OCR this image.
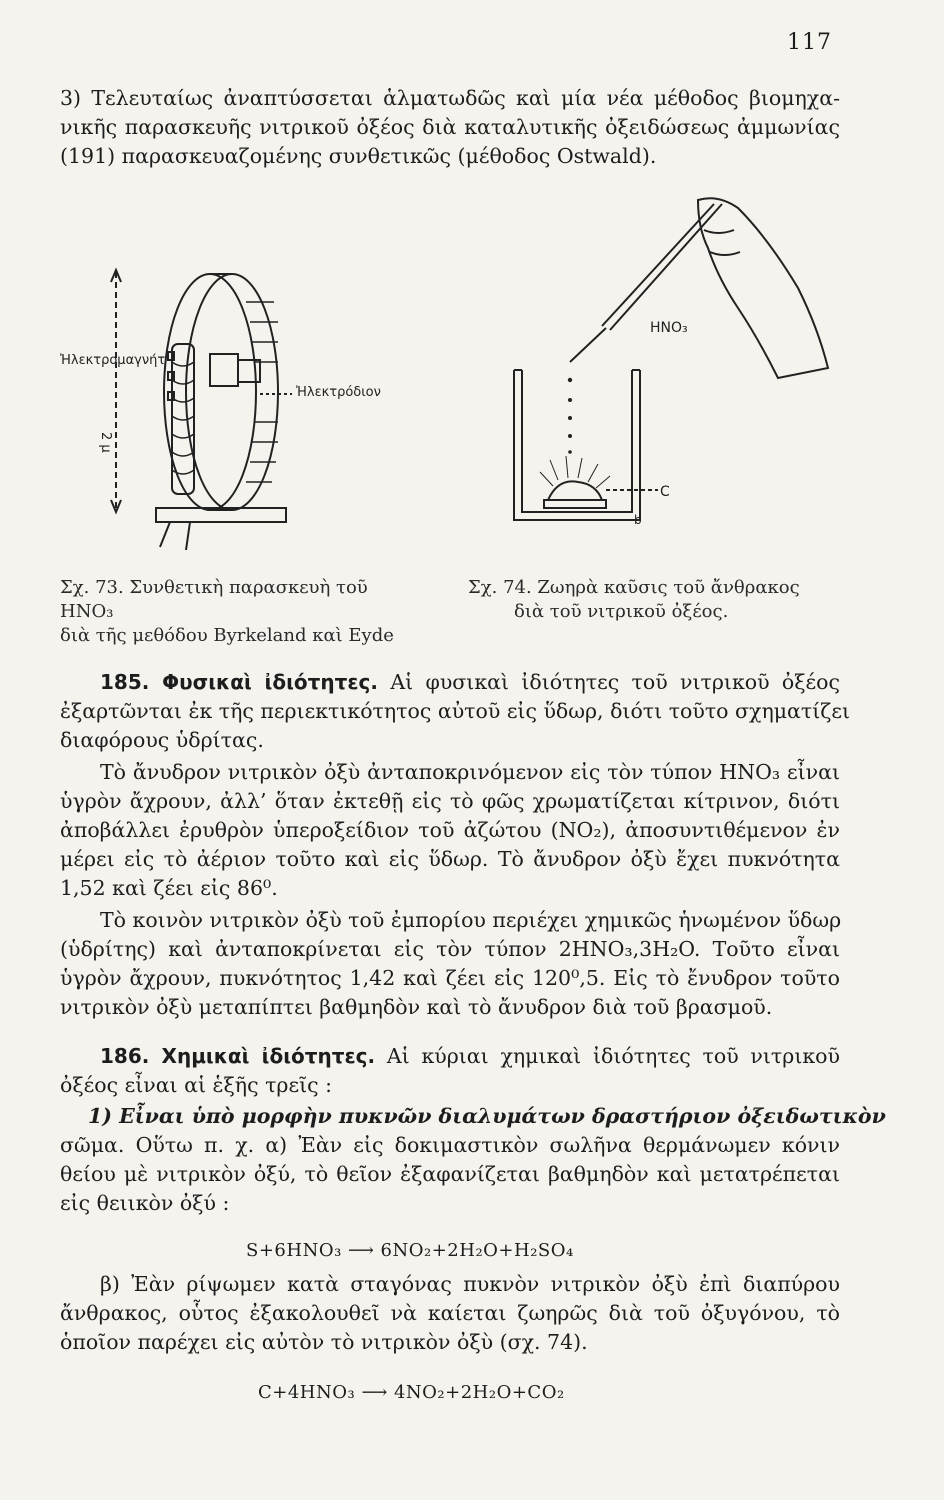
117
3) Τελευταίως ἀναπτύσσεται ἁλματωδῶς καὶ μία νέα μέθοδος βιομηχα-
νικῆς παρασκευῆς νιτρικοῦ ὀξέος διὰ καταλυτικῆς ὀξειδώσεως ἀμμωνίας
(191) παρασκευαζομένης συνθετικῶς (μέθοδος Ostwald).
Ἠλεκτρομαγνήτ
Ἠλεκτρόδιον
2 μ
Σχ. 73. Συνθετικὴ παρασκευὴ τοῦ HNO₃
διὰ τῆς μεθόδου Byrkeland καὶ Eyde
HNO₃
C
b
Σχ. 74. Ζωηρὰ καῦσις τοῦ ἄνθρακος
διὰ τοῦ νιτρικοῦ ὀξέος.
185. Φυσικαὶ ἰδιότητες. Αἱ φυσικαὶ ἰδιότητες τοῦ νιτρικοῦ ὀξέος
ἐξαρτῶνται ἐκ τῆς περιεκτικότητος αὐτοῦ εἰς ὕδωρ, διότι τοῦτο σχηματίζει
διαφόρους ὑδρίτας.
Τὸ ἄνυδρον νιτρικὸν ὀξὺ ἀνταποκρινόμενον εἰς τὸν τύπον HNO₃ εἶναι
ὑγρὸν ἄχρουν, ἀλλ’ ὅταν ἐκτεθῇ εἰς τὸ φῶς χρωματίζεται κίτρινον, διότι
ἀποβάλλει ἐρυθρὸν ὑπεροξείδιον τοῦ ἀζώτου (NO₂), ἀποσυντιθέμενον ἐν
μέρει εἰς τὸ ἀέριον τοῦτο καὶ εἰς ὕδωρ. Τὸ ἄνυδρον ὀξὺ ἔχει πυκνότητα
1,52 καὶ ζέει εἰς 86⁰.
Τὸ κοινὸν νιτρικὸν ὀξὺ τοῦ ἐμπορίου περιέχει χημικῶς ἡνωμένον ὕδωρ
(ὑδρίτης) καὶ ἀνταποκρίνεται εἰς τὸν τύπον 2HNO₃,3H₂O. Τοῦτο εἶναι
ὑγρὸν ἄχρουν, πυκνότητος 1,42 καὶ ζέει εἰς 120⁰,5. Εἰς τὸ ἔνυδρον τοῦτο
νιτρικὸν ὀξὺ μεταπίπτει βαθμηδὸν καὶ τὸ ἄνυδρον διὰ τοῦ βρασμοῦ.
186. Χημικαὶ ἰδιότητες. Αἱ κύριαι χημικαὶ ἰδιότητες τοῦ νιτρικοῦ
ὀξέος εἶναι αἱ ἑξῆς τρεῖς :
1) Εἶναι ὑπὸ μορφὴν πυκνῶν διαλυμάτων δραστήριον ὀξειδωτικὸν
σῶμα. Οὕτω π. χ. α) Ἐὰν εἰς δοκιμαστικὸν σωλῆνα θερμάνωμεν κόνιν
θείου μὲ νιτρικὸν ὀξύ, τὸ θεῖον ἐξαφανίζεται βαθμηδὸν καὶ μετατρέπεται
εἰς θειικὸν ὀξύ :
S+6HNO₃ ⟶ 6NO₂+2H₂O+H₂SO₄
β) Ἐὰν ρίψωμεν κατὰ σταγόνας πυκνὸν νιτρικὸν ὀξὺ ἐπὶ διαπύρου
ἄνθρακος, οὗτος ἐξακολουθεῖ νὰ καίεται ζωηρῶς διὰ τοῦ ὀξυγόνου, τὸ
ὁποῖον παρέχει εἰς αὐτὸν τὸ νιτρικὸν ὀξὺ (σχ. 74).
C+4HNO₃ ⟶ 4NO₂+2H₂O+CO₂
